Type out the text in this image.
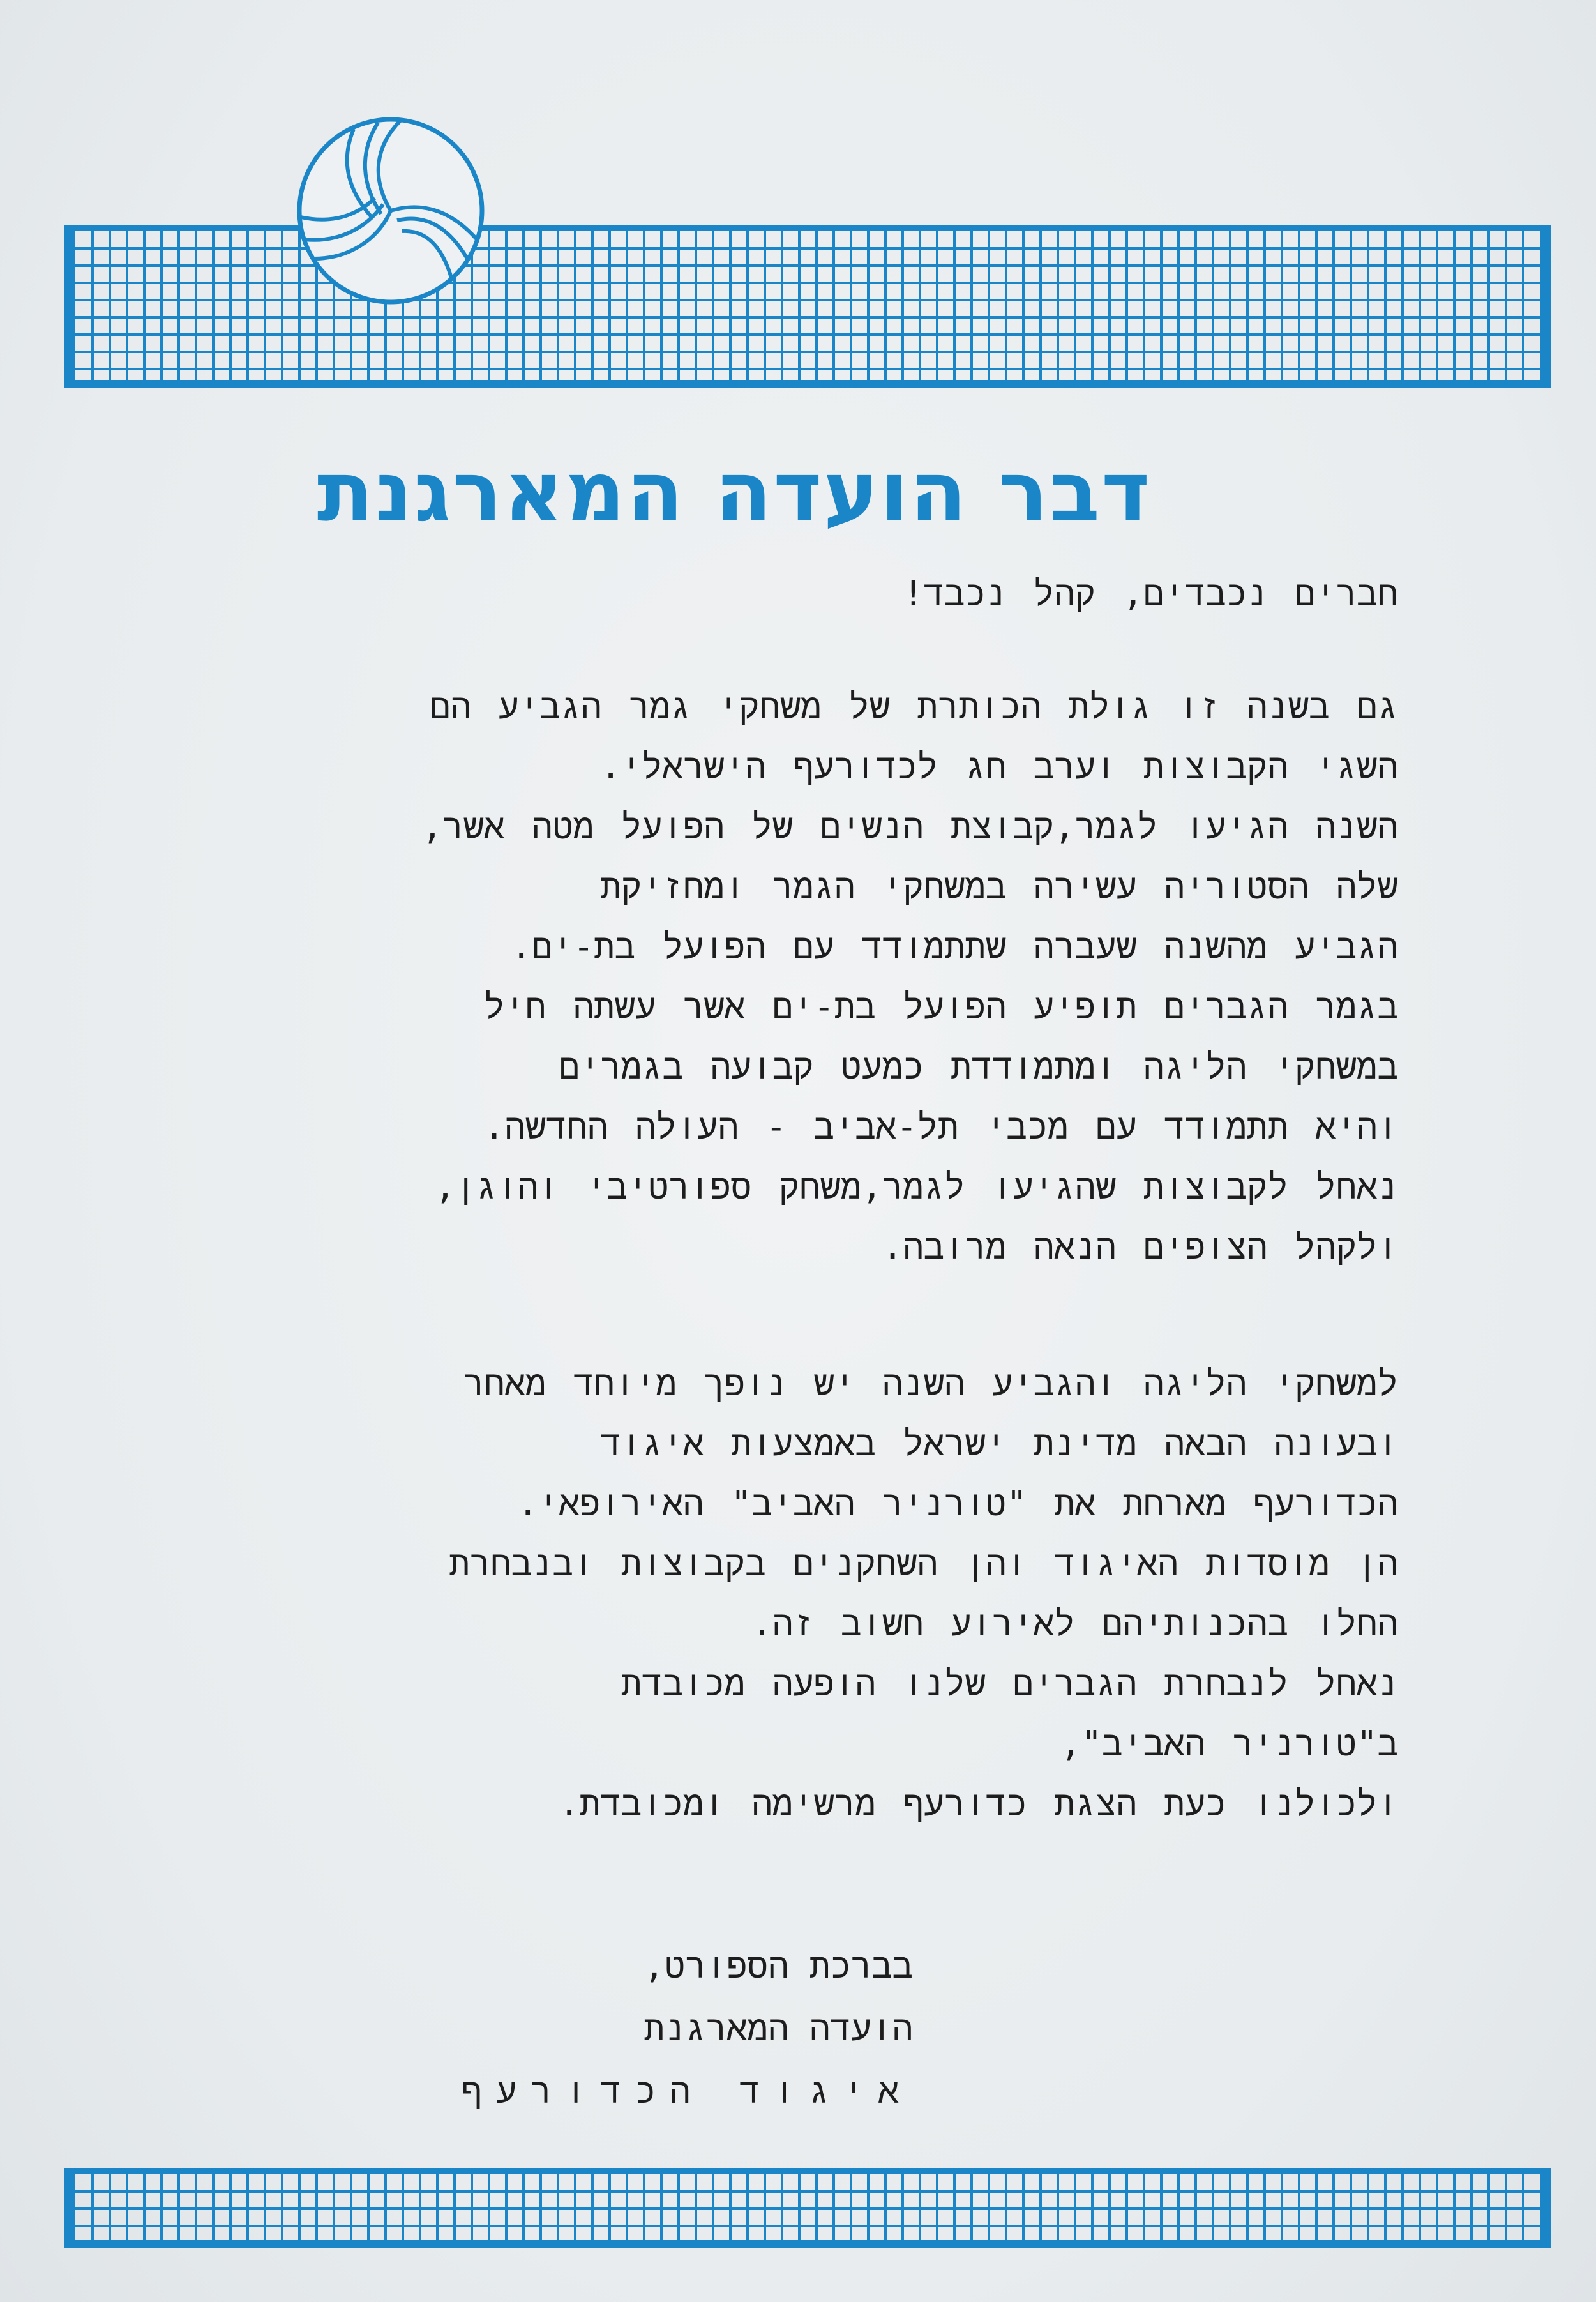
דבר הועדה המארגנת
חברים נכבדים, קהל נכבד!
גם בשנה זו גולת הכותרת של משחקי גמר הגביע הם
השגי הקבוצות וערב חג לכדורעף הישראלי.
השנה הגיעו לגמר,קבוצת הנשים של הפועל מטה אשר,
שלה הסטוריה עשירה במשחקי הגמר ומחזיקת
הגביע מהשנה שעברה שתתמודד עם הפועל בת-ים.
בגמר הגברים תופיע הפועל בת-ים אשר עשתה חיל
במשחקי הליגה ומתמודדת כמעט קבועה בגמרים
והיא תתמודד עם מכבי תל-אביב - העולה החדשה.
נאחל לקבוצות שהגיעו לגמר,משחק ספורטיבי והוגן,
ולקהל הצופים הנאה מרובה.
למשחקי הליגה והגביע השנה יש נופך מיוחד מאחר
ובעונה הבאה מדינת ישראל באמצעות איגוד
הכדורעף מארחת את "טורניר האביב" האירופאי.
הן מוסדות האיגוד והן השחקנים בקבוצות ובנבחרת
החלו בהכנותיהם לאירוע חשוב זה.
נאחל לנבחרת הגברים שלנו הופעה מכובדת
ב"טורניר האביב",
ולכולנו כעת הצגת כדורעף מרשימה ומכובדת.
בברכת הספורט,
הועדה המארגנת
איגוד הכדורעף
